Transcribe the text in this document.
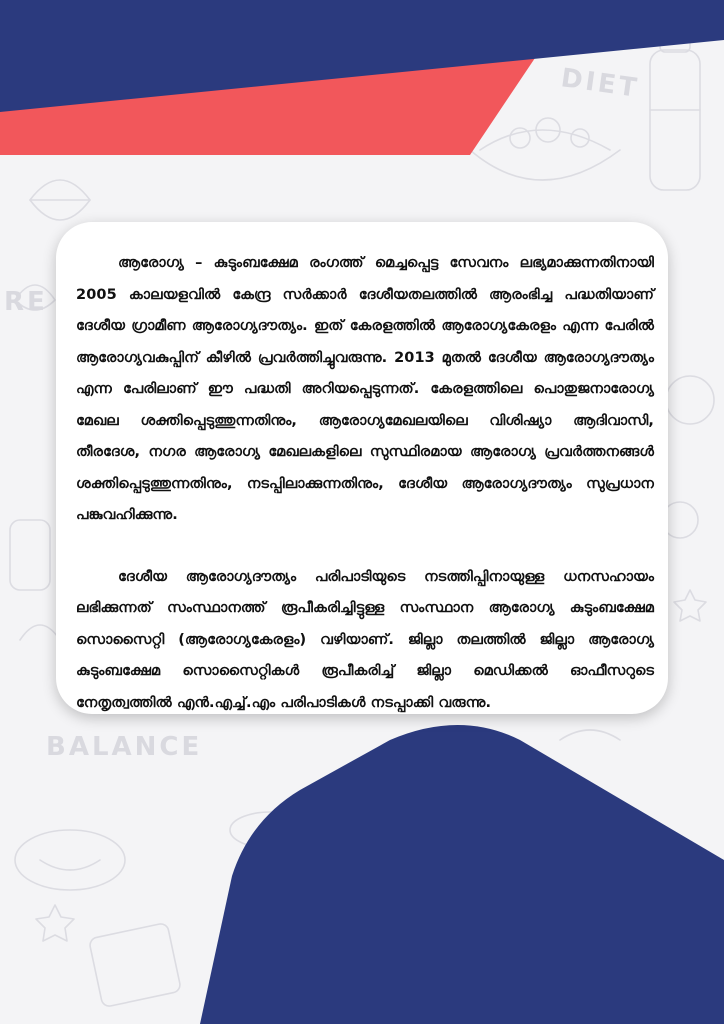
BALANCE
DIET
RE

ആരോഗ്യ – കുടുംബക്ഷേമ രംഗത്ത് മെച്ചപ്പെട്ട സേവനം ലഭ്യമാക്കുന്നതിനായി 2005 കാലയളവിൽ കേന്ദ്ര സർക്കാർ ദേശീയതലത്തിൽ ആരംഭിച്ച പദ്ധതിയാണ് ദേശീയ ഗ്രാമീണ ആരോഗ്യദൗത്യം. ഇത് കേരളത്തിൽ ആരോഗ്യകേരളം എന്ന പേരിൽ ആരോഗ്യവകുപ്പിന് കീഴിൽ പ്രവർത്തിച്ചുവരുന്നു. 2013 മുതൽ ദേശീയ ആരോഗ്യദൗത്യം എന്ന പേരിലാണ് ഈ പദ്ധതി അറിയപ്പെടുന്നത്. കേരളത്തിലെ പൊതുജനാരോഗ്യ മേഖല ശക്തിപ്പെടുത്തുന്നതിനും, ആരോഗ്യമേഖലയിലെ വിശിഷ്യാ ആദിവാസി, തീരദേശ, നഗര ആരോഗ്യ മേഖലകളിലെ സുസ്ഥിരമായ ആരോഗ്യ പ്രവർത്തനങ്ങൾ ശക്തിപ്പെടുത്തുന്നതിനും, നടപ്പിലാക്കുന്നതിനും, ദേശീയ ആരോഗ്യദൗത്യം സുപ്രധാന പങ്കുവഹിക്കുന്നു.

ദേശീയ ആരോഗ്യദൗത്യം പരിപാടിയുടെ നടത്തിപ്പിനായുള്ള ധനസഹായം ലഭിക്കുന്നത് സംസ്ഥാനത്ത് രൂപീകരിച്ചിട്ടുള്ള സംസ്ഥാന ആരോഗ്യ കുടുംബക്ഷേമ സൊസൈറ്റി (ആരോഗ്യകേരളം) വഴിയാണ്. ജില്ലാ തലത്തിൽ ജില്ലാ ആരോഗ്യ കുടുംബക്ഷേമ സൊസൈറ്റികൾ രൂപീകരിച്ച് ജില്ലാ മെഡിക്കൽ ഓഫീസറുടെ നേതൃത്വത്തിൽ എൻ.എച്ച്.എം പരിപാടികൾ നടപ്പാക്കി വരുന്നു.
